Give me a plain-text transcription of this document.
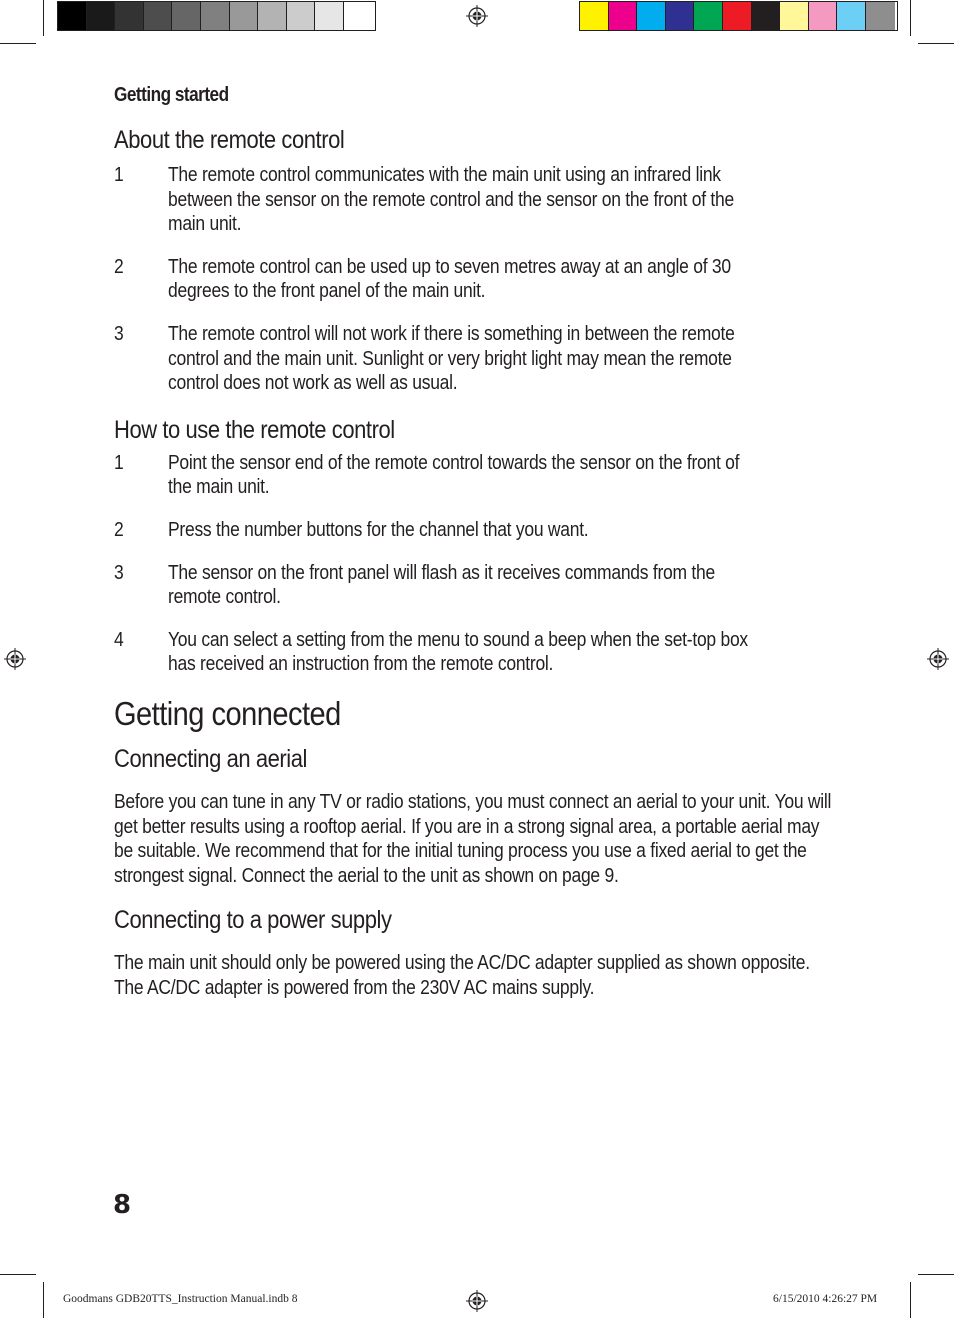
Getting started

About the remote control
1	The remote control communicates with the main unit using an infrared link between the sensor on the remote control and the sensor on the front of the main unit.
2	The remote control can be used up to seven metres away at an angle of 30 degrees to the front panel of the main unit.
3	The remote control will not work if there is something in between the remote control and the main unit. Sunlight or very bright light may mean the remote control does not work as well as usual.
How to use the remote control
1	Point the sensor end of the remote control towards the sensor on the front of the main unit.
2	Press the number buttons for the channel that you want.
3	The sensor on the front panel will flash as it receives commands from the remote control.
4	You can select a setting from the menu to sound a beep when the set-top box has received an instruction from the remote control.
Getting connected
Connecting an aerial

Before you can tune in any TV or radio stations, you must connect an aerial to your unit. You will get better results using a rooftop aerial. If you are in a strong signal area, a portable aerial may be suitable. We recommend that for the initial tuning process you use a fixed aerial to get the strongest signal. Connect the aerial to the unit as shown on page 9.

Connecting to a power supply

The main unit should only be powered using the AC/DC adapter supplied as shown opposite. The AC/DC adapter is powered from the 230V AC mains supply.

8
Goodmans GDB20TTS_Instruction Manual.indb 8	6/15/2010 4:26:27 PM
